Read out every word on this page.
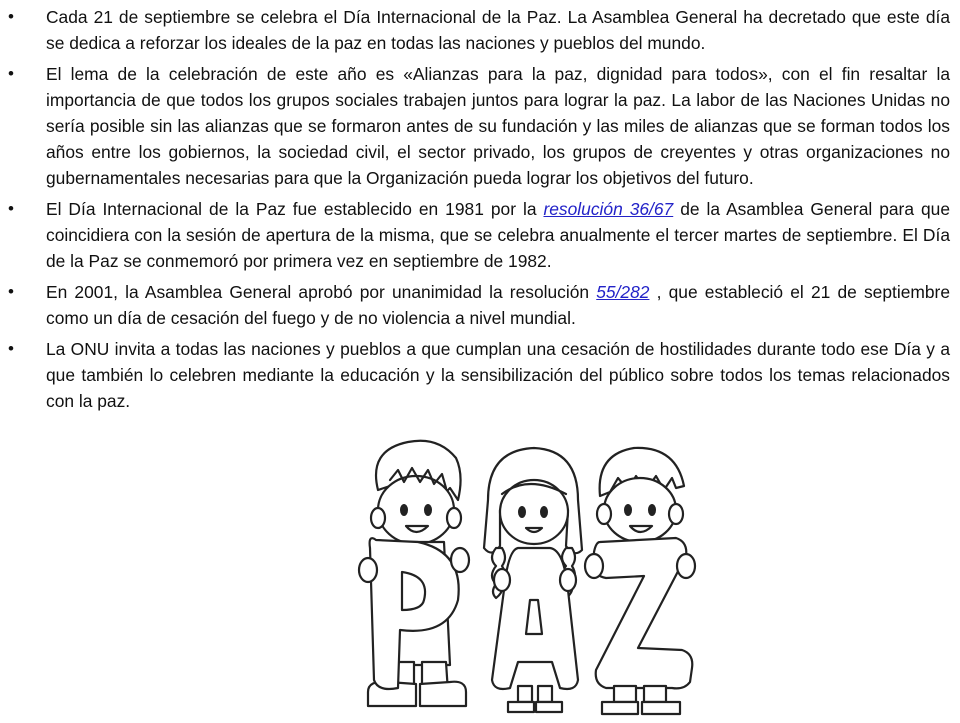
•	Cada 21 de septiembre se celebra el Día Internacional de la Paz. La Asamblea General ha decretado que este día se dedica a reforzar los ideales de la paz en todas las naciones y pueblos del mundo.
•	El lema de la celebración de este año es «Alianzas para la paz, dignidad para todos», con el fin resaltar la importancia de que todos los grupos sociales trabajen juntos para lograr la paz. La labor de las Naciones Unidas no sería posible sin las alianzas que se formaron antes de su fundación y las miles de alianzas que se forman todos los años entre los gobiernos, la sociedad civil, el sector privado, los grupos de creyentes y otras organizaciones no gubernamentales necesarias para que la Organización pueda lograr los objetivos del futuro.
•	El Día Internacional de la Paz fue establecido en 1981 por la resolución 36/67 de la Asamblea General para que coincidiera con la sesión de apertura de la misma, que se celebra anualmente el tercer martes de septiembre. El Día de la Paz se conmemoró por primera vez en septiembre de 1982.
•	En 2001, la Asamblea General aprobó por unanimidad la resolución 55/282 , que estableció el 21 de septiembre como un día de cesación del fuego y de no violencia a nivel mundial.
•	La ONU invita a todas las naciones y pueblos a que cumplan una cesación de hostilidades durante todo ese Día y a que también lo celebren mediante la educación y la sensibilización del público sobre todos los temas relacionados con la paz.
